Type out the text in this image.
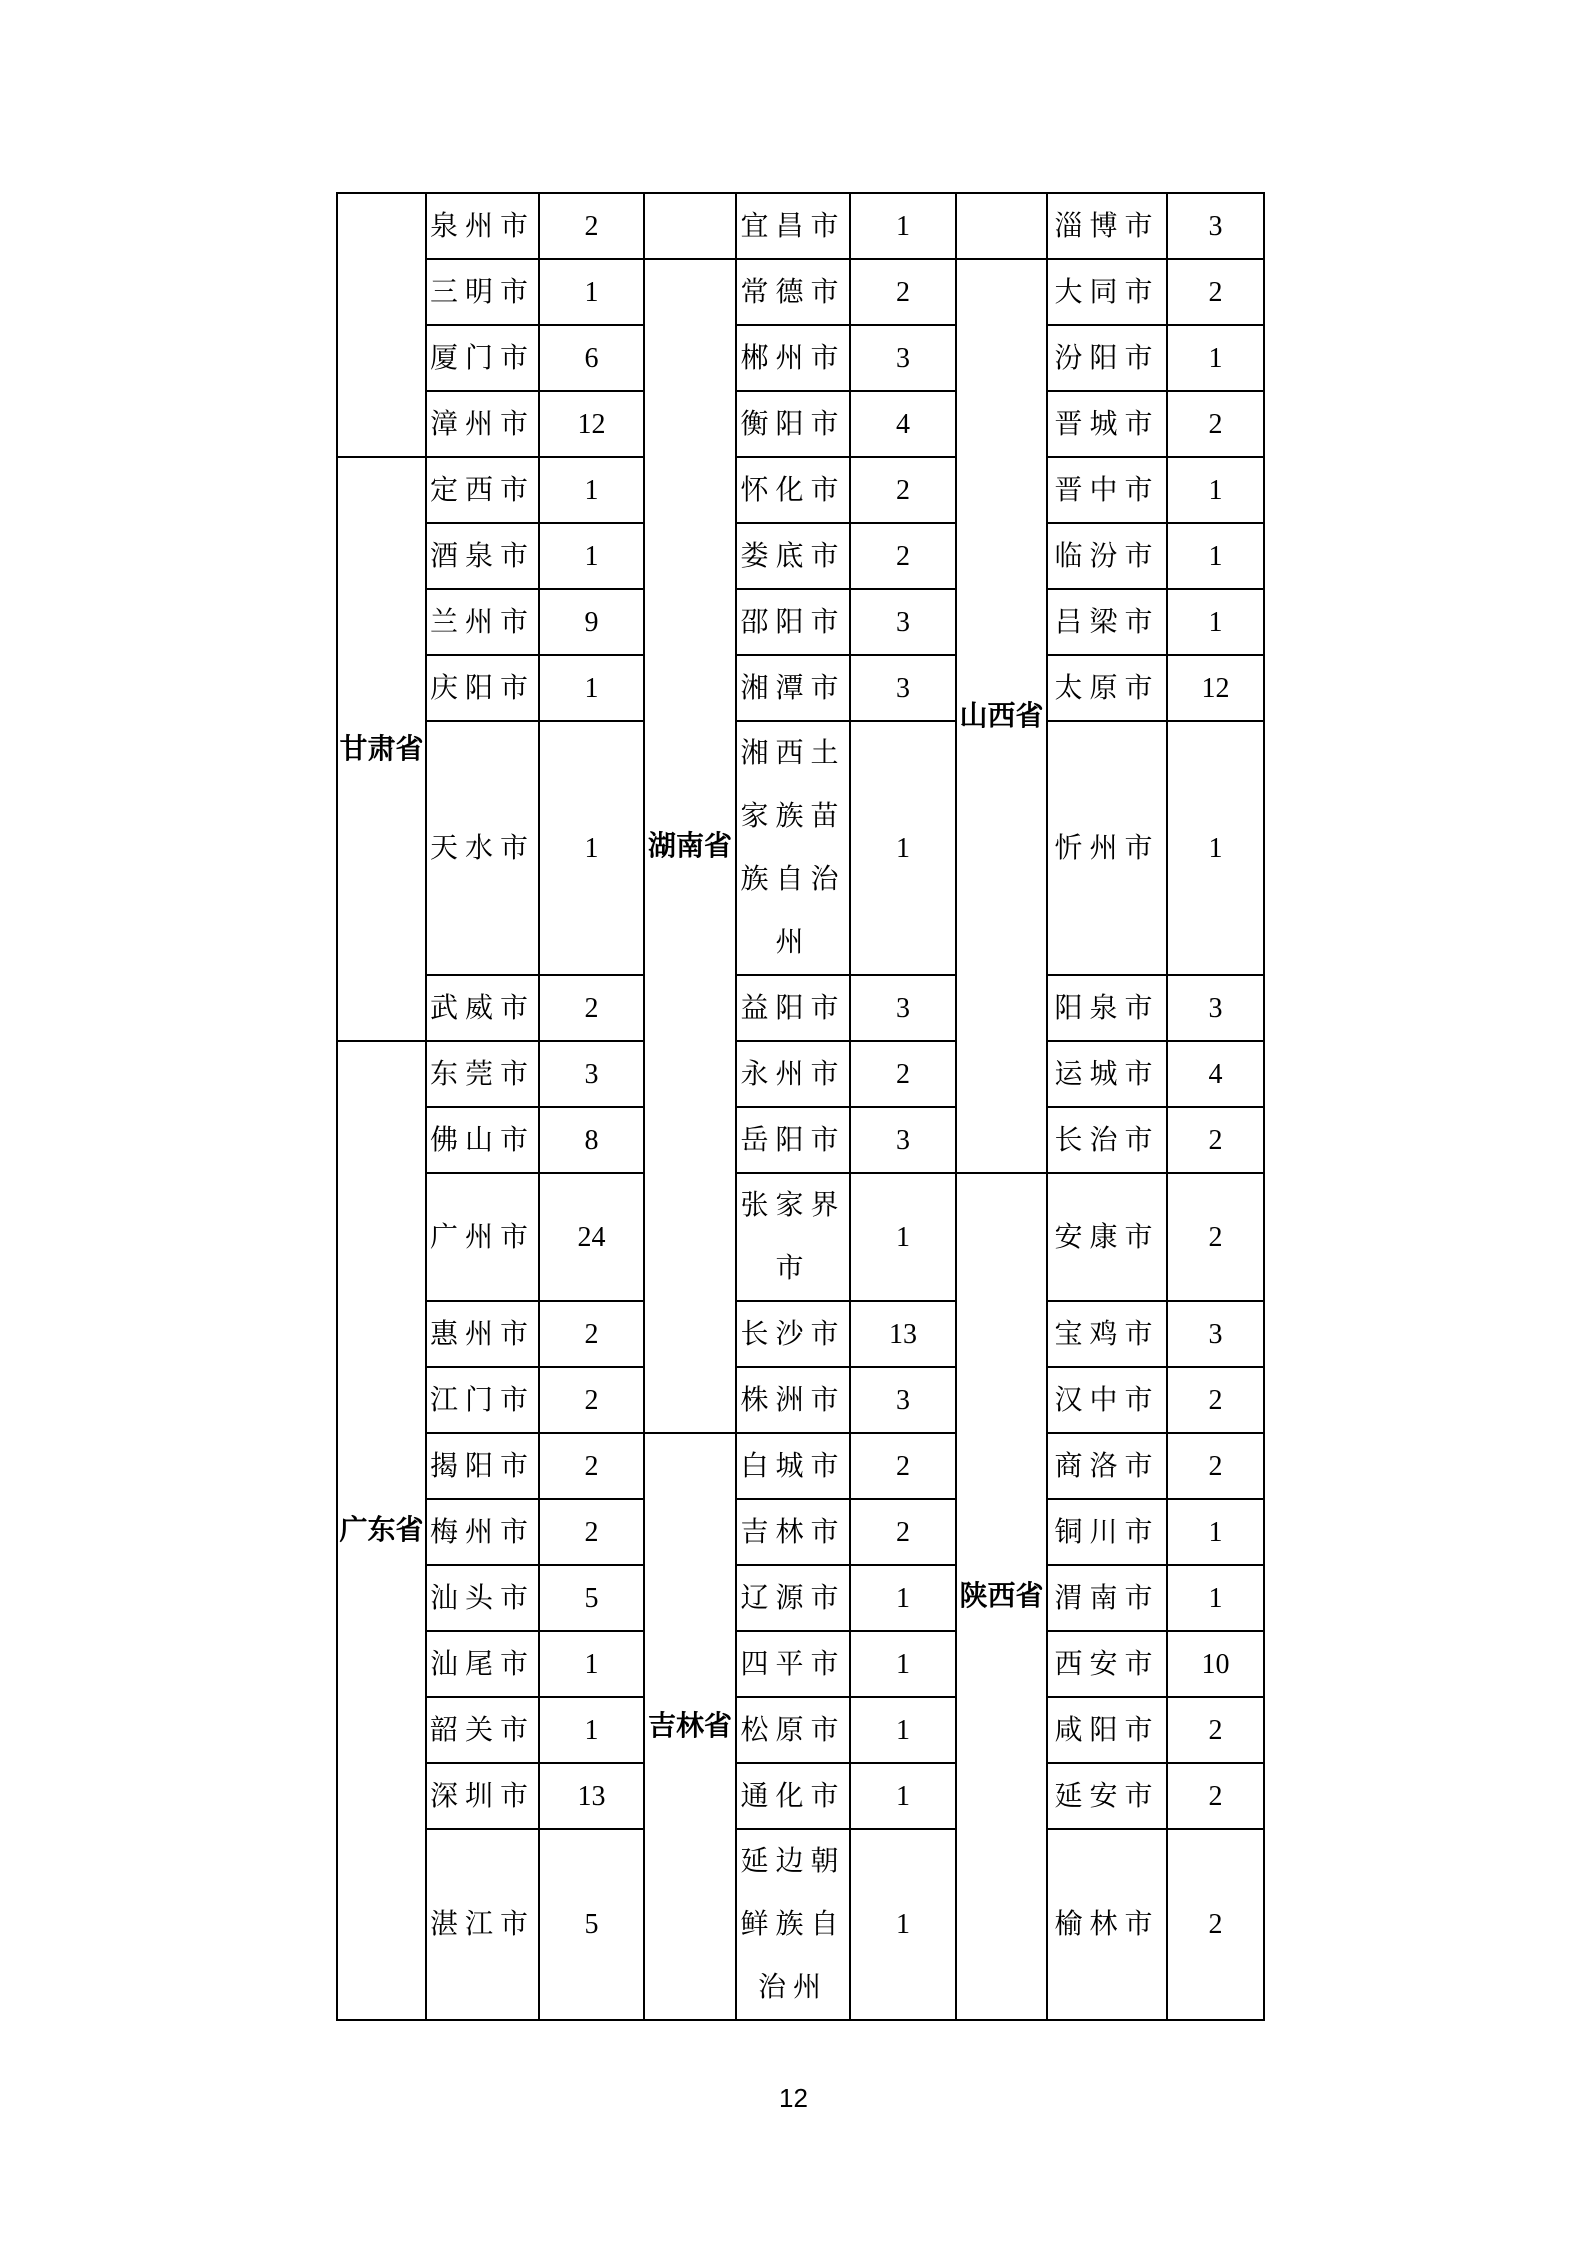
	泉州市	2		宜昌市	1		淄博市	3
	三明市	1	湖南省	常德市	2	山西省	大同市	2
	厦门市	6		郴州市	3		汾阳市	1
	漳州市	12		衡阳市	4		晋城市	2
甘肃省	定西市	1		怀化市	2		晋中市	1
	酒泉市	1		娄底市	2		临汾市	1
	兰州市	9		邵阳市	3		吕梁市	1
	庆阳市	1		湘潭市	3		太原市	12
	天水市	1		湘西土家族苗族自治州	1		忻州市	1
	武威市	2		益阳市	3		阳泉市	3
广东省	东莞市	3		永州市	2		运城市	4
	佛山市	8		岳阳市	3		长治市	2
	广州市	24		张家界市	1	陕西省	安康市	2
	惠州市	2		长沙市	13		宝鸡市	3
	江门市	2		株洲市	3		汉中市	2
	揭阳市	2	吉林省	白城市	2		商洛市	2
	梅州市	2		吉林市	2		铜川市	1
	汕头市	5		辽源市	1		渭南市	1
	汕尾市	1		四平市	1		西安市	10
	韶关市	1		松原市	1		咸阳市	2
	深圳市	13		通化市	1		延安市	2
	湛江市	5		延边朝鲜族自治州	1		榆林市	2
12
